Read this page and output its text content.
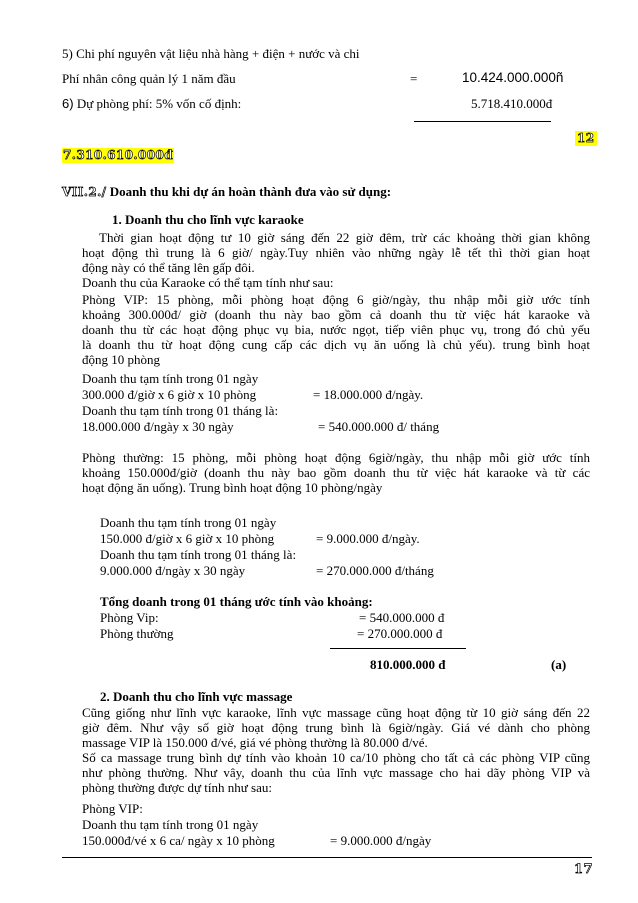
5) Chi phí nguyên vật liệu nhà hàng + điện + nước và chi
Phí nhân công quản lý 1 năm đầu	=	10.424.000.000ñ
6) Dự phòng phí: 5% vốn cố định:	5.718.410.000đ
12
7.310.610.000đ
VII.2./ Doanh thu khi dự án hoàn thành đưa vào sử dụng:
1. Doanh thu cho lĩnh vực karaoke
Thời gian hoạt động tư 10 giờ sáng đến 22 giờ đêm, trừ các khoảng thời gian không
hoạt động thì trung là 6 giờ/ ngày.Tuy nhiên vào những ngày lễ tết thì thời gian hoạt
động này có thể tăng lên gấp đôi.
Doanh thu của Karaoke có thể tạm tính như sau:
Phòng VIP: 15 phòng, mỗi phòng hoạt động 6 giờ/ngày, thu nhập mỗi giờ ước tính
khoảng 300.000đ/ giờ (doanh thu này bao gồm cả doanh thu từ việc hát karaoke và
doanh thu từ các hoạt động phục vụ bia, nước ngọt, tiếp viên phục vụ, trong đó chủ yếu
là doanh thu từ hoạt động cung cấp các dịch vụ ăn uống là chủ yếu). trung bình hoạt
động 10 phòng
Doanh thu tạm tính trong 01 ngày
300.000 đ/giờ x 6 giờ x 10 phòng	= 18.000.000 đ/ngày.
Doanh thu tạm tính trong 01 tháng là:
18.000.000 đ/ngày x 30 ngày	= 540.000.000 đ/ tháng
Phòng thường: 15 phòng, mỗi phòng hoạt động 6giờ/ngày, thu nhập mỗi giờ ước tính
khoảng 150.000đ/giờ (doanh thu này bao gồm doanh thu từ việc hát karaoke và từ các
hoạt động ăn uống). Trung bình hoạt động 10 phòng/ngày
Doanh thu tạm tính trong 01 ngày
150.000 đ/giờ x 6 giờ x 10 phòng	= 9.000.000 đ/ngày.
Doanh thu tạm tính trong 01 tháng là:
9.000.000 đ/ngày x 30 ngày	= 270.000.000 đ/tháng
Tổng doanh trong 01 tháng ước tính vào khoảng:
Phòng Vip:	= 540.000.000 đ
Phòng thường	= 270.000.000 đ
810.000.000 đ	(a)
2. Doanh thu cho lĩnh vực massage
Cũng giống như lĩnh vực karaoke, lĩnh vực massage cũng hoạt động từ 10 giờ sáng đến 22
giờ đêm. Như vậy số giờ hoạt động trung bình là 6giờ/ngày. Giá vé dành cho phòng
massage VIP là 150.000 đ/vé, giá vé phòng thường là 80.000 đ/vé.
Số ca massage trung bình dự tính vào khoản 10 ca/10 phòng cho tất cả các phòng VIP cũng
như phòng thường. Như vây, doanh thu của lĩnh vực massage cho hai dãy phòng VIP và
phòng thường được dự tính như sau:
Phòng VIP:
Doanh thu tạm tính trong 01 ngày
150.000đ/vé x 6 ca/ ngày x 10 phòng	= 9.000.000 đ/ngày
17
